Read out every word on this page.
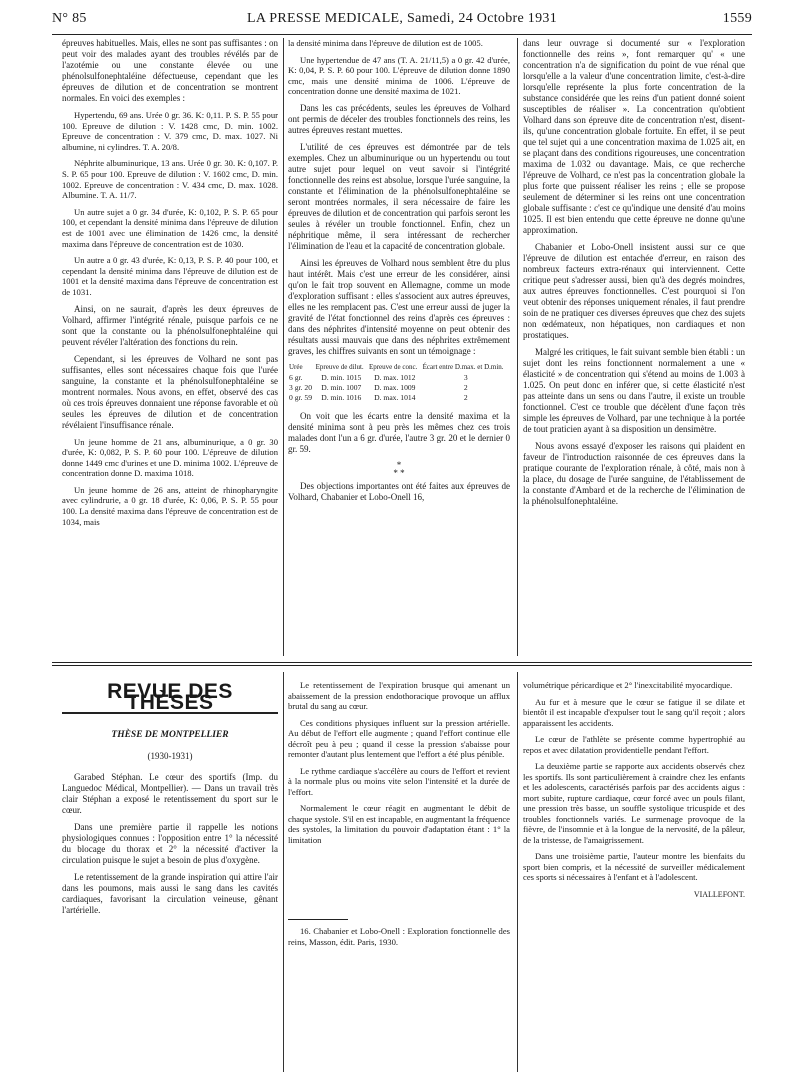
N° 85	LA PRESSE MEDICALE, Samedi, 24 Octobre 1931	1559

épreuves habituelles. Mais, elles ne sont pas suffisantes : on peut voir des malades ayant des troubles révélés par de l'azotémie ou une constante élevée ou une phénolsulfonephtaléine défectueuse, cependant que les épreuves de dilution et de concentration se montrent normales. En voici des exemples :

Hypertendu, 69 ans. Urée 0 gr. 36. K: 0,11. P. S. P. 55 pour 100. Epreuve de dilution : V. 1428 cmc, D. min. 1002. Epreuve de concentration : V. 379 cmc, D. max. 1027. Ni albumine, ni cylindres. T. A. 20/8.

Néphrite albuminurique, 13 ans. Urée 0 gr. 30. K: 0,107. P. S. P. 65 pour 100. Epreuve de dilution : V. 1602 cmc, D. min. 1002. Epreuve de concentration : V. 434 cmc, D. max. 1028. Albumine. T. A. 11/7.

Un autre sujet a 0 gr. 34 d'urée, K: 0,102, P. S. P. 65 pour 100, et cependant la densité minima dans l'épreuve de dilution est de 1001 avec une élimination de 1426 cmc, la densité maxima dans l'épreuve de concentration est de 1030.

Un autre a 0 gr. 43 d'urée, K: 0,13, P. S. P. 40 pour 100, et cependant la densité minima dans l'épreuve de dilution est de 1001 et la densité maxima dans l'épreuve de concentration est de 1031.

Ainsi, on ne saurait, d'après les deux épreuves de Volhard, affirmer l'intégrité rénale, puisque parfois ce ne sont que la constante ou la phénolsulfonephtaléine qui peuvent révéler l'altération des fonctions du rein.

Cependant, si les épreuves de Volhard ne sont pas suffisantes, elles sont nécessaires chaque fois que l'urée sanguine, la constante et la phénolsulfonephtaléine se montrent normales. Nous avons, en effet, observé des cas où ces trois épreuves donnaient une réponse favorable et où seules les épreuves de dilution et de concentration révélaient l'insuffisance rénale.

Un jeune homme de 21 ans, albuminurique, a 0 gr. 30 d'urée, K: 0,082, P. S. P. 60 pour 100. L'épreuve de dilution donne 1449 cmc d'urines et une D. minima 1002. L'épreuve de concentration donne D. maxima 1018.

Un jeune homme de 26 ans, atteint de rhinopharyngite avec cylindrurie, a 0 gr. 18 d'urée, K: 0,06, P. S. P. 55 pour 100. La densité maxima dans l'épreuve de concentration est de 1034, mais

la densité minima dans l'épreuve de dilution est de 1005.

Une hypertendue de 47 ans (T. A. 21/11,5) a 0 gr. 42 d'urée, K: 0,04, P. S. P. 60 pour 100. L'épreuve de dilution donne 1890 cmc, mais une densité minima de 1006. L'épreuve de concentration donne une densité maxima de 1021.

Dans les cas précédents, seules les épreuves de Volhard ont permis de déceler des troubles fonctionnels des reins, les autres épreuves restant muettes.

L'utilité de ces épreuves est démontrée par de tels exemples. Chez un albuminurique ou un hypertendu ou tout autre sujet pour lequel on veut savoir si l'intégrité fonctionnelle des reins est absolue, lorsque l'urée sanguine, la constante et l'élimination de la phénolsulfonephtaléine se seront montrées normales, il sera nécessaire de faire les épreuves de dilution et de concentration qui parfois seront les seules à révéler un trouble fonctionnel. Enfin, chez un néphritique même, il sera intéressant de rechercher l'élimination de l'eau et la capacité de concentration globale.

Ainsi les épreuves de Volhard nous semblent être du plus haut intérêt. Mais c'est une erreur de les considérer, ainsi qu'on le fait trop souvent en Allemagne, comme un mode d'exploration suffisant : elles s'associent aux autres épreuves, elles ne les remplacent pas. C'est une erreur aussi de juger la gravité de l'état fonctionnel des reins d'après ces épreuves : dans des néphrites d'intensité moyenne on peut obtenir des résultats aussi mauvais que dans des néphrites extrêmement graves, les chiffres suivants en sont un témoignage :

Urée	Epreuve de dilut.	Epreuve de conc.	Écart entre D.max. et D.min.
6 gr.	D. min. 1015	D. max. 1012	3
3 gr. 20	D. min. 1007	D. max. 1009	2
0 gr. 59	D. min. 1016	D. max. 1014	2

On voit que les écarts entre la densité maxima et la densité minima sont à peu près les mêmes chez ces trois malades dont l'un a 6 gr. d'urée, l'autre 3 gr. 20 et le dernier 0 gr. 59.

*
* *

Des objections importantes ont été faites aux épreuves de Volhard, Chabanier et Lobo-Onell 16,

dans leur ouvrage si documenté sur « l'exploration fonctionnelle des reins », font remarquer qu' « une concentration n'a de signification du point de vue rénal que lorsqu'elle a la valeur d'une concentration limite, c'est-à-dire lorsqu'elle représente la plus forte concentration de la substance considérée que les reins d'un patient donné soient susceptibles de réaliser ». La concentration qu'obtient Volhard dans son épreuve dite de concentration n'est, disent-ils, qu'une concentration globale fortuite. En effet, il se peut que tel sujet qui a une concentration maxima de 1.025 ait, en se plaçant dans des conditions rigoureuses, une concentration maxima de 1.032 ou davantage. Mais, ce que recherche l'épreuve de Volhard, ce n'est pas la concentration globale la plus forte que puissent réaliser les reins ; elle se propose seulement de déterminer si les reins ont une concentration globale suffisante : c'est ce qu'indique une densité d'au moins 1025. Il est bien entendu que cette épreuve ne donne qu'une approximation.

Chabanier et Lobo-Onell insistent aussi sur ce que l'épreuve de dilution est entachée d'erreur, en raison des nombreux facteurs extra-rénaux qui interviennent. Cette critique peut s'adresser aussi, bien qu'à des degrés moindres, aux autres épreuves fonctionnelles. C'est pourquoi si l'on veut obtenir des réponses uniquement rénales, il faut prendre soin de ne pratiquer ces diverses épreuves que chez des sujets non œdémateux, non hépatiques, non cardiaques et non prostatiques.

Malgré les critiques, le fait suivant semble bien établi : un sujet dont les reins fonctionnent normalement a une « élasticité » de concentration qui s'étend au moins de 1.003 à 1.025. On peut donc en inférer que, si cette élasticité n'est pas atteinte dans un sens ou dans l'autre, il existe un trouble fonctionnel. C'est ce trouble que décèlent d'une façon très simple les épreuves de Volhard, par une technique à la portée de tout praticien ayant à sa disposition un densimètre.

Nous avons essayé d'exposer les raisons qui plaident en faveur de l'introduction raisonnée de ces épreuves dans la pratique courante de l'exploration rénale, à côté, mais non à la place, du dosage de l'urée sanguine, de l'établissement de la constante d'Ambard et de la recherche de l'élimination de la phénolsulfonephtaléine.

REVUE DES THÈSES
THÈSE DE MONTPELLIER
(1930-1931)

Garabed Stéphan. Le cœur des sportifs (Imp. du Languedoc Médical, Montpellier). — Dans un travail très clair Stéphan a exposé le retentissement du sport sur le cœur.

Dans une première partie il rappelle les notions physiologiques connues : l'opposition entre 1° la nécessité du blocage du thorax et 2° la nécessité d'activer la circulation puisque le sujet a besoin de plus d'oxygène.

Le retentissement de la grande inspiration qui attire l'air dans les poumons, mais aussi le sang dans les cavités cardiaques, favorisant la circulation veineuse, gênant l'artérielle.

Le retentissement de l'expiration brusque qui amenant un abaissement de la pression endothoracique provoque un afflux brutal du sang au cœur.

Ces conditions physiques influent sur la pression artérielle. Au début de l'effort elle augmente ; quand l'effort continue elle décroît peu à peu ; quand il cesse la pression s'abaisse pour remonter d'autant plus lentement que l'effort a été plus pénible.

Le rythme cardiaque s'accélère au cours de l'effort et revient à la normale plus ou moins vite selon l'intensité et la durée de l'effort.

Normalement le cœur réagit en augmentant le débit de chaque systole. S'il en est incapable, en augmentant la fréquence des systoles, la limitation du pouvoir d'adaptation étant : 1° la limitation

16. Chabanier et Lobo-Onell : Exploration fonctionnelle des reins, Masson, édit. Paris, 1930.

volumétrique péricardique et 2° l'inexcitabilité myocardique.

Au fur et à mesure que le cœur se fatigue il se dilate et bientôt il est incapable d'expulser tout le sang qu'il reçoit ; alors apparaissent les accidents.

Le cœur de l'athlète se présente comme hypertrophié au repos et avec dilatation providentielle pendant l'effort.

La deuxième partie se rapporte aux accidents observés chez les sportifs. Ils sont particulièrement à craindre chez les enfants et les adolescents, caractérisés parfois par des accidents aigus : mort subite, rupture cardiaque, cœur forcé avec un pouls filant, une pression très basse, un souffle systolique tricuspide et des troubles fonctionnels variés. Le surmenage provoque de la fièvre, de l'insomnie et à la longue de la nervosité, de la pâleur, de la tristesse, de l'amaigrissement.

Dans une troisième partie, l'auteur montre les bienfaits du sport bien compris, et la nécessité de surveiller médicalement ces sports si nécessaires à l'enfant et à l'adolescent.

VIALLEFONT.
